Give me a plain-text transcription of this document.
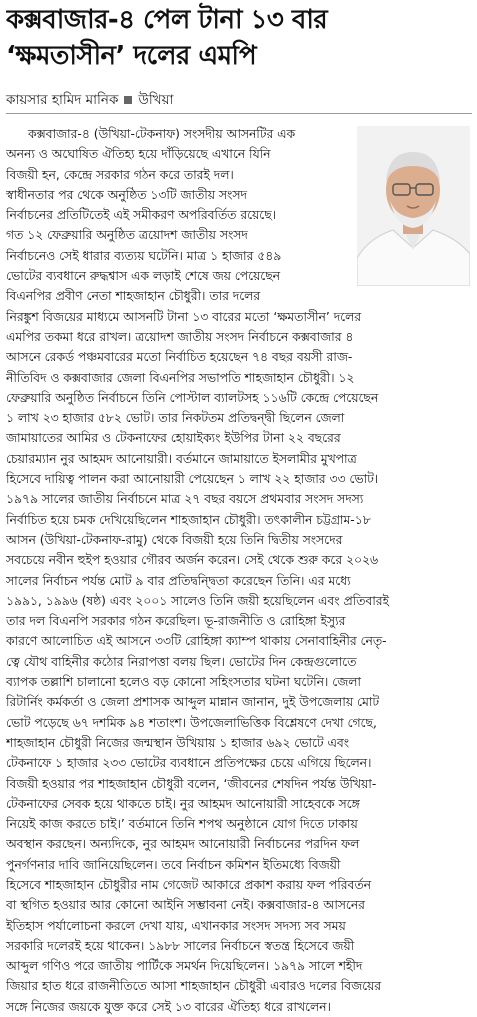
কক্সবাজার-৪ পেল টানা ১৩ বার
‘ক্ষমতাসীন’ দলের এমপি
কায়সার হামিদ মানিক উখিয়া
কক্সবাজার-৪ (উখিয়া-টেকনাফ) সংসদীয় আসনটির এক
অনন্য ও অঘোষিত ঐতিহ্য হয়ে দাঁড়িয়েছে এখানে যিনি
বিজয়ী হন, কেন্দ্রে সরকার গঠন করে তারই দল।
স্বাধীনতার পর থেকে অনুষ্ঠিত ১৩টি জাতীয় সংসদ
নির্বাচনের প্রতিটিতেই এই সমীকরণ অপরিবর্তিত রয়েছে।
গত ১২ ফেব্রুয়ারি অনুষ্ঠিত ত্রয়োদশ জাতীয় সংসদ
নির্বাচনেও সেই ধারার ব্যত্যয় ঘটেনি। মাত্র ১ হাজার ৫৪৯
ভোটের ব্যবধানে রুদ্ধশ্বাস এক লড়াই শেষে জয় পেয়েছেন
বিএনপির প্রবীণ নেতা শাহজাহান চৌধুরী। তার দলের
নিরঙ্কুশ বিজয়ের মাধ্যমে আসনটি টানা ১৩ বারের মতো ‘ক্ষমতাসীন’ দলের
এমপির তকমা ধরে রাখল। ত্রয়োদশ জাতীয় সংসদ নির্বাচনে কক্সবাজার ৪
আসনে রেকর্ড পঞ্চমবারের মতো নির্বাচিত হয়েছেন ৭৪ বছর বয়সী রাজ-
নীতিবিদ ও কক্সবাজার জেলা বিএনপির সভাপতি শাহজাহান চৌধুরী। ১২
ফেব্রুয়ারি অনুষ্ঠিত নির্বাচনে তিনি পোস্টাল ব্যালটসহ ১১৬টি কেন্দ্রে পেয়েছেন
১ লাখ ২৩ হাজার ৫৮২ ভোট। তার নিকটতম প্রতিদ্বন্দ্বী ছিলেন জেলা
জামায়াতের আমির ও টেকনাফের হোয়াইক্যং ইউপির টানা ২২ বছরের
চেয়ারম্যান নুর আহমদ আনোয়ারী। বর্তমানে জামায়াতে ইসলামীর মুখপাত্র
হিসেবে দায়িত্ব পালন করা আনোয়ারী পেয়েছেন ১ লাখ ২২ হাজার ৩৩ ভোট।
১৯৭৯ সালের জাতীয় নির্বাচনে মাত্র ২৭ বছর বয়সে প্রথমবার সংসদ সদস্য
নির্বাচিত হয়ে চমক দেখিয়েছিলেন শাহজাহান চৌধুরী। তৎকালীন চট্টগ্রাম-১৮
আসন (উখিয়া-টেকনাফ-রামু) থেকে বিজয়ী হয়ে তিনি দ্বিতীয় সংসদের
সবচেয়ে নবীন হুইপ হওয়ার গৌরব অর্জন করেন। সেই থেকে শুরু করে ২০২৬
সালের নির্বাচন পর্যন্ত মোট ৯ বার প্রতিদ্বন্দ্বিতা করেছেন তিনি। এর মধ্যে
১৯৯১, ১৯৯৬ (ষষ্ঠ) এবং ২০০১ সালেও তিনি জয়ী হয়েছিলেন এবং প্রতিবারই
তার দল বিএনপি সরকার গঠন করেছিল। ভূ-রাজনীতি ও রোহিঙ্গা ইস্যুর
কারণে আলোচিত এই আসনে ৩৩টি রোহিঙ্গা ক্যাম্প থাকায় সেনাবাহিনীর নেতৃ-
ত্বে যৌথ বাহিনীর কঠোর নিরাপত্তা বলয় ছিল। ভোটের দিন কেন্দ্রগুলোতে
ব্যাপক তল্লাশি চালানো হলেও বড় কোনো সহিংসতার ঘটনা ঘটেনি। জেলা
রিটার্নিং কর্মকর্তা ও জেলা প্রশাসক আব্দুল মান্নান জানান, দুই উপজেলায় মোট
ভোট পড়েছে ৬৭ দশমিক ৯৪ শতাংশ। উপজেলাভিত্তিক বিশ্লেষণে দেখা গেছে,
শাহজাহান চৌধুরী নিজের জন্মস্থান উখিয়ায় ১ হাজার ৬৯২ ভোটে এবং
টেকনাফে ১ হাজার ২৩৩ ভোটের ব্যবধানে প্রতিপক্ষের চেয়ে এগিয়ে ছিলেন।
বিজয়ী হওয়ার পর শাহজাহান চৌধুরী বলেন, ‘জীবনের শেষদিন পর্যন্ত উখিয়া-
টেকনাফের সেবক হয়ে থাকতে চাই। নুর আহমদ আনোয়ারী সাহেবকে সঙ্গে
নিয়েই কাজ করতে চাই।’ বর্তমানে তিনি শপথ অনুষ্ঠানে যোগ দিতে ঢাকায়
অবস্থান করছেন। অন্যদিকে, নুর আহমদ আনোয়ারী নির্বাচনের পরদিন ফল
পুনর্গণনার দাবি জানিয়েছিলেন। তবে নির্বাচন কমিশন ইতিমধ্যে বিজয়ী
হিসেবে শাহজাহান চৌধুরীর নাম গেজেট আকারে প্রকাশ করায় ফল পরিবর্তন
বা স্থগিত হওয়ার আর কোনো আইনি সম্ভাবনা নেই। কক্সবাজার-৪ আসনের
ইতিহাস পর্যালোচনা করলে দেখা যায়, এখানকার সংসদ সদস্য সব সময়
সরকারি দলেরই হয়ে থাকেন। ১৯৮৮ সালের নির্বাচনে স্বতন্ত্র হিসেবে জয়ী
আব্দুল গণিও পরে জাতীয় পার্টিকে সমর্থন দিয়েছিলেন। ১৯৭৯ সালে শহীদ
জিয়ার হাত ধরে রাজনীতিতে আসা শাহজাহান চৌধুরী এবারও দলের বিজয়ের
সঙ্গে নিজের জয়কে যুক্ত করে সেই ১৩ বারের ঐতিহ্য ধরে রাখলেন।
